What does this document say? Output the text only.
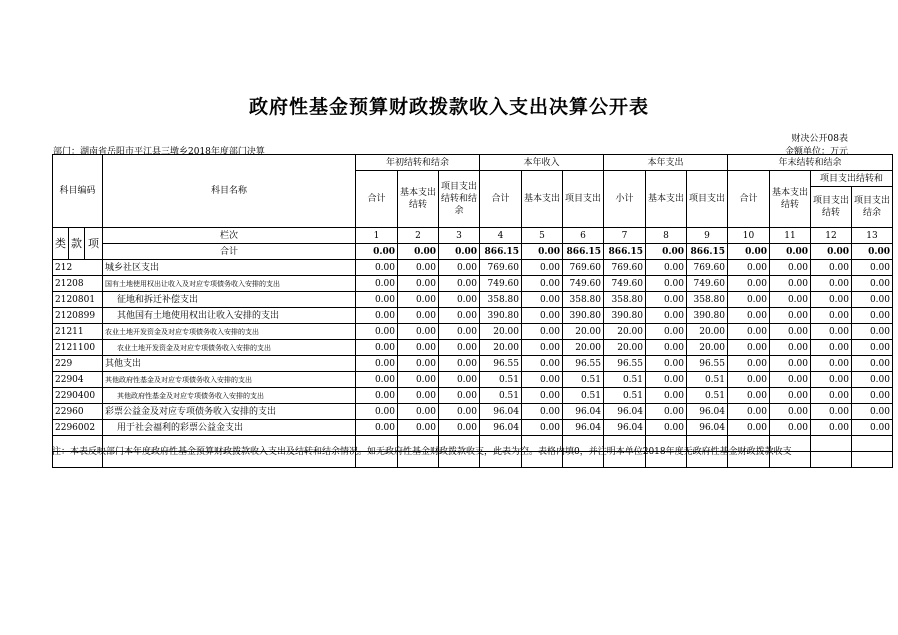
政府性基金预算财政拨款收入支出决算公开表
财决公开08表
部门：湖南省岳阳市平江县三墩乡2018年度部门决算	金额单位：万元
科目编码			科目名称	年初结转和结余			本年收入			本年支出			年末结转和结余			
				合计	基本支出结转	项目支出结转和结余	合计	基本支出	项目支出	小计	基本支出	项目支出	合计	基本支出结转	项目支出结转和	
															项目支出结转	项目支出结余
类	款	项	栏次	1	2	3	4	5	6	7	8	9	10	11	12	13
			合计	0.00	0.00	0.00	866.15	0.00	866.15	866.15	0.00	866.15	0.00	0.00	0.00	0.00
212			城乡社区支出	0.00	0.00	0.00	769.60	0.00	769.60	769.60	0.00	769.60	0.00	0.00	0.00	0.00
21208			国有土地使用权出让收入及对应专项债务收入安排的支出	0.00	0.00	0.00	749.60	0.00	749.60	749.60	0.00	749.60	0.00	0.00	0.00	0.00
2120801			征地和拆迁补偿支出	0.00	0.00	0.00	358.80	0.00	358.80	358.80	0.00	358.80	0.00	0.00	0.00	0.00
2120899			其他国有土地使用权出让收入安排的支出	0.00	0.00	0.00	390.80	0.00	390.80	390.80	0.00	390.80	0.00	0.00	0.00	0.00
21211			农业土地开发资金及对应专项债务收入安排的支出	0.00	0.00	0.00	20.00	0.00	20.00	20.00	0.00	20.00	0.00	0.00	0.00	0.00
2121100			农业土地开发资金及对应专项债务收入安排的支出	0.00	0.00	0.00	20.00	0.00	20.00	20.00	0.00	20.00	0.00	0.00	0.00	0.00
229			其他支出	0.00	0.00	0.00	96.55	0.00	96.55	96.55	0.00	96.55	0.00	0.00	0.00	0.00
22904			其他政府性基金及对应专项债务收入安排的支出	0.00	0.00	0.00	0.51	0.00	0.51	0.51	0.00	0.51	0.00	0.00	0.00	0.00
2290400			其他政府性基金及对应专项债务收入安排的支出	0.00	0.00	0.00	0.51	0.00	0.51	0.51	0.00	0.51	0.00	0.00	0.00	0.00
22960			彩票公益金及对应专项债务收入安排的支出	0.00	0.00	0.00	96.04	0.00	96.04	96.04	0.00	96.04	0.00	0.00	0.00	0.00
2296002			用于社会福利的彩票公益金支出	0.00	0.00	0.00	96.04	0.00	96.04	96.04	0.00	96.04	0.00	0.00	0.00	0.00

注：本表反映部门本年度政府性基金预算财政拨款收入支出及结转和结余情况。如无政府性基金财政拨款收支，此表为空。表格内填0，并注明本单位2018年度无政府性基金财政拨款收支
